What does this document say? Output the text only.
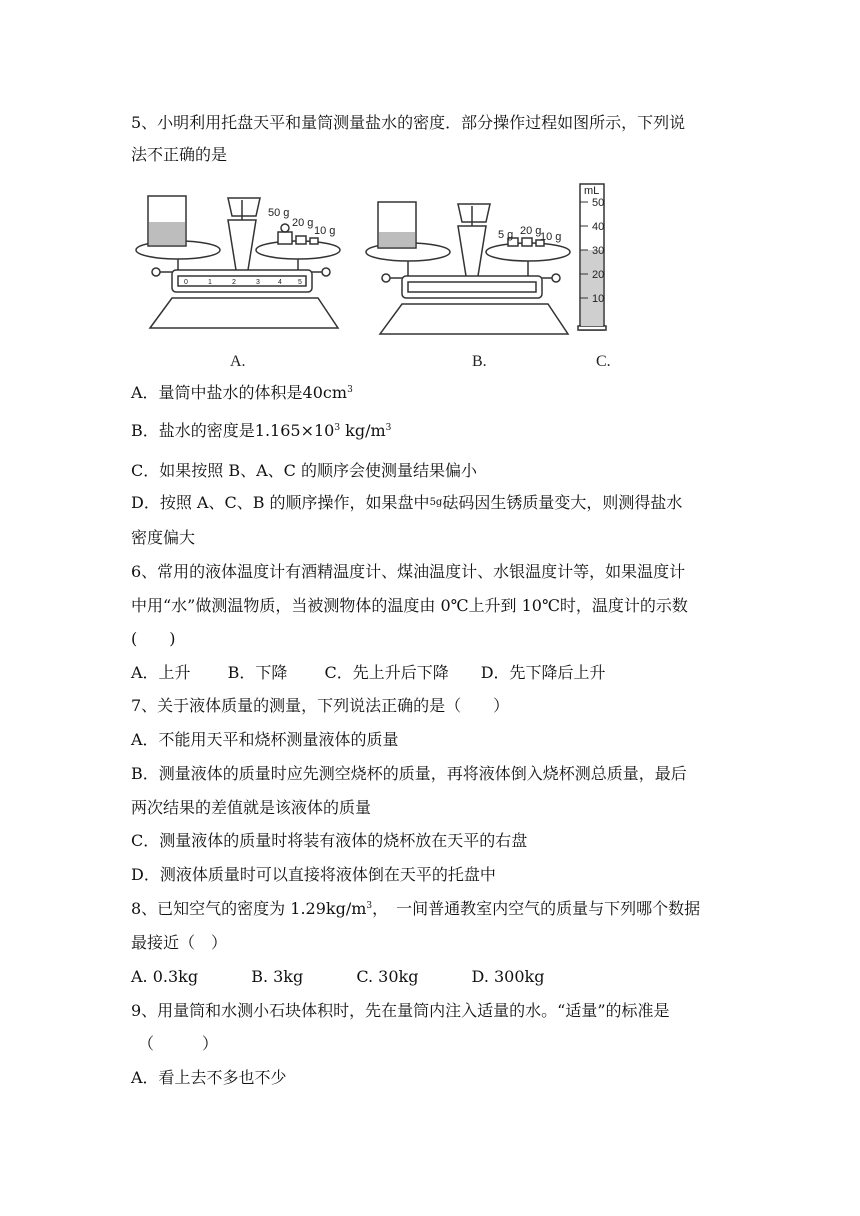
5、小明利用托盘天平和量筒测量盐水的密度．部分操作过程如图所示，下列说
法不正确的是
50 g
20 g
10 g
0	1	2	3	4 5
5 g 20 g
10 g
mL
50
40
30
20
10
A.	B.	C.
A．量筒中盐水的体积是$40cm^3$
B．盐水的密度是$1.165\times 10^3$ $kg/m^3$
C．如果按照 B、A、C 的顺序会使测量结果偏小
D．按照 A、C、B 的顺序操作，如果盘中5g砝码因生锈质量变大，则测得盐水
密度偏大
6、常用的液体温度计有酒精温度计、煤油温度计、水银温度计等，如果温度计
中用“水”做测温物质，当被测物体的温度由 0℃上升到 10℃时，温度计的示数
(　　)
A．上升　　 B．下降　　 C．先上升后下降　　D．先下降后上升
7、关于液体质量的测量，下列说法正确的是（　　）
A．不能用天平和烧杯测量液体的质量
B．测量液体的质量时应先测空烧杯的质量，再将液体倒入烧杯测总质量，最后
两次结果的差值就是该液体的质量
C．测量液体的质量时将装有液体的烧杯放在天平的右盘
D．测液体质量时可以直接将液体倒在天平的托盘中
8、已知空气的密度为 $1.29kg/m^3$，　一间普通教室内空气的质量与下列哪个数据
最接近（　）
A. 0.3kg　　　 B. 3kg　　　 C. 30kg　　　 D. 300kg
9、用量筒和水测小石块体积时，先在量筒内注入适量的水。“适量”的标准是
（　　　）
A．看上去不多也不少
